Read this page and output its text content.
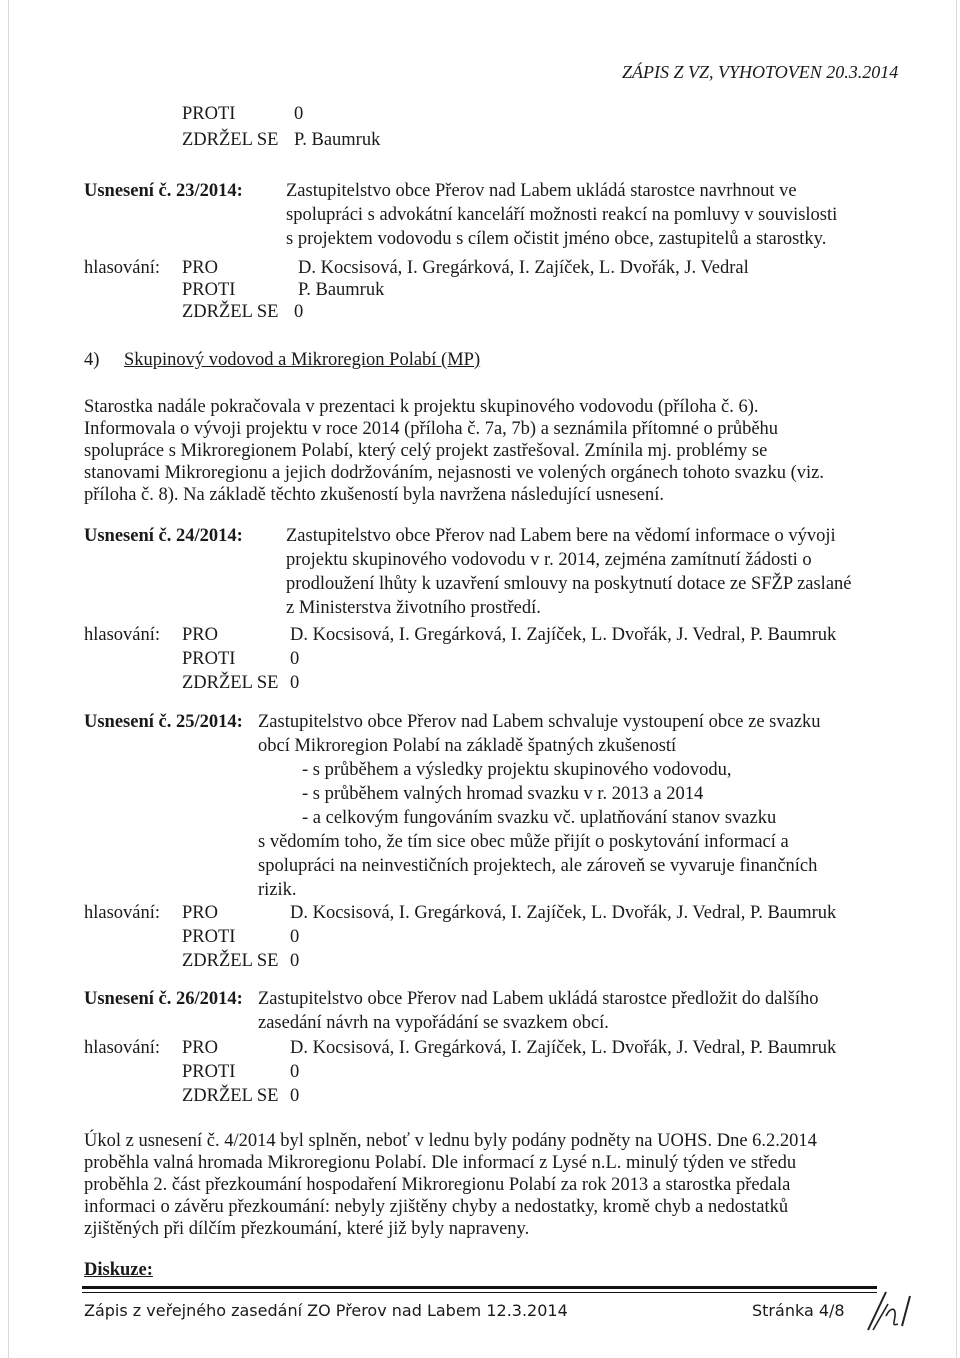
ZÁPIS Z VZ, VYHOTOVEN 20.3.2014
PROTI	0
ZDRŽEL SE P. Baumruk
Usnesení č. 23/2014: Zastupitelstvo obce Přerov nad Labem ukládá starostce navrhnout ve
spolupráci s advokátní kanceláří možnosti reakcí na pomluvy v souvislosti
s projektem vodovodu s cílem očistit jméno obce, zastupitelů a starostky.
hlasování: PRO	D. Kocsisová, I. Gregárková, I. Zajíček, L. Dvořák, J. Vedral
PROTI	P. Baumruk
ZDRŽEL SE 0
4) Skupinový vodovod a Mikroregion Polabí (MP)
Starostka nadále pokračovala v prezentaci k projektu skupinového vodovodu (příloha č. 6).
Informovala o vývoji projektu v roce 2014 (příloha č. 7a, 7b) a seznámila přítomné o průběhu
spolupráce s Mikroregionem Polabí, který celý projekt zastřešoval. Zmínila mj. problémy se
stanovami Mikroregionu a jejich dodržováním, nejasnosti ve volených orgánech tohoto svazku (viz.
příloha č. 8). Na základě těchto zkušeností byla navržena následující usnesení.
Usnesení č. 24/2014: Zastupitelstvo obce Přerov nad Labem bere na vědomí informace o vývoji
projektu skupinového vodovodu v r. 2014, zejména zamítnutí žádosti o
prodloužení lhůty k uzavření smlouvy na poskytnutí dotace ze SFŽP zaslané
z Ministerstva životního prostředí.
hlasování: PRO	D. Kocsisová, I. Gregárková, I. Zajíček, L. Dvořák, J. Vedral, P. Baumruk
PROTI	0
ZDRŽEL SE 0
Usnesení č. 25/2014: Zastupitelstvo obce Přerov nad Labem schvaluje vystoupení obce ze svazku
obcí Mikroregion Polabí na základě špatných zkušeností
- s průběhem a výsledky projektu skupinového vodovodu,
- s průběhem valných hromad svazku v r. 2013 a 2014
- a celkovým fungováním svazku vč. uplatňování stanov svazku
s vědomím toho, že tím sice obec může přijít o poskytování informací a
spolupráci na neinvestičních projektech, ale zároveň se vyvaruje finančních
rizik.
hlasování: PRO	D. Kocsisová, I. Gregárková, I. Zajíček, L. Dvořák, J. Vedral, P. Baumruk
PROTI	0
ZDRŽEL SE 0
Usnesení č. 26/2014: Zastupitelstvo obce Přerov nad Labem ukládá starostce předložit do dalšího
zasedání návrh na vypořádání se svazkem obcí.
hlasování: PRO	D. Kocsisová, I. Gregárková, I. Zajíček, L. Dvořák, J. Vedral, P. Baumruk
PROTI	0
ZDRŽEL SE 0
Úkol z usnesení č. 4/2014 byl splněn, neboť v lednu byly podány podněty na UOHS. Dne 6.2.2014
proběhla valná hromada Mikroregionu Polabí. Dle informací z Lysé n.L. minulý týden ve středu
proběhla 2. část přezkoumání hospodaření Mikroregionu Polabí za rok 2013 a starostka předala
informaci o závěru přezkoumání: nebyly zjištěny chyby a nedostatky, kromě chyb a nedostatků
zjištěných při dílčím přezkoumání, které již byly napraveny.
Diskuze:
Zápis z veřejného zasedání ZO Přerov nad Labem 12.3.2014	Stránka 4/8
